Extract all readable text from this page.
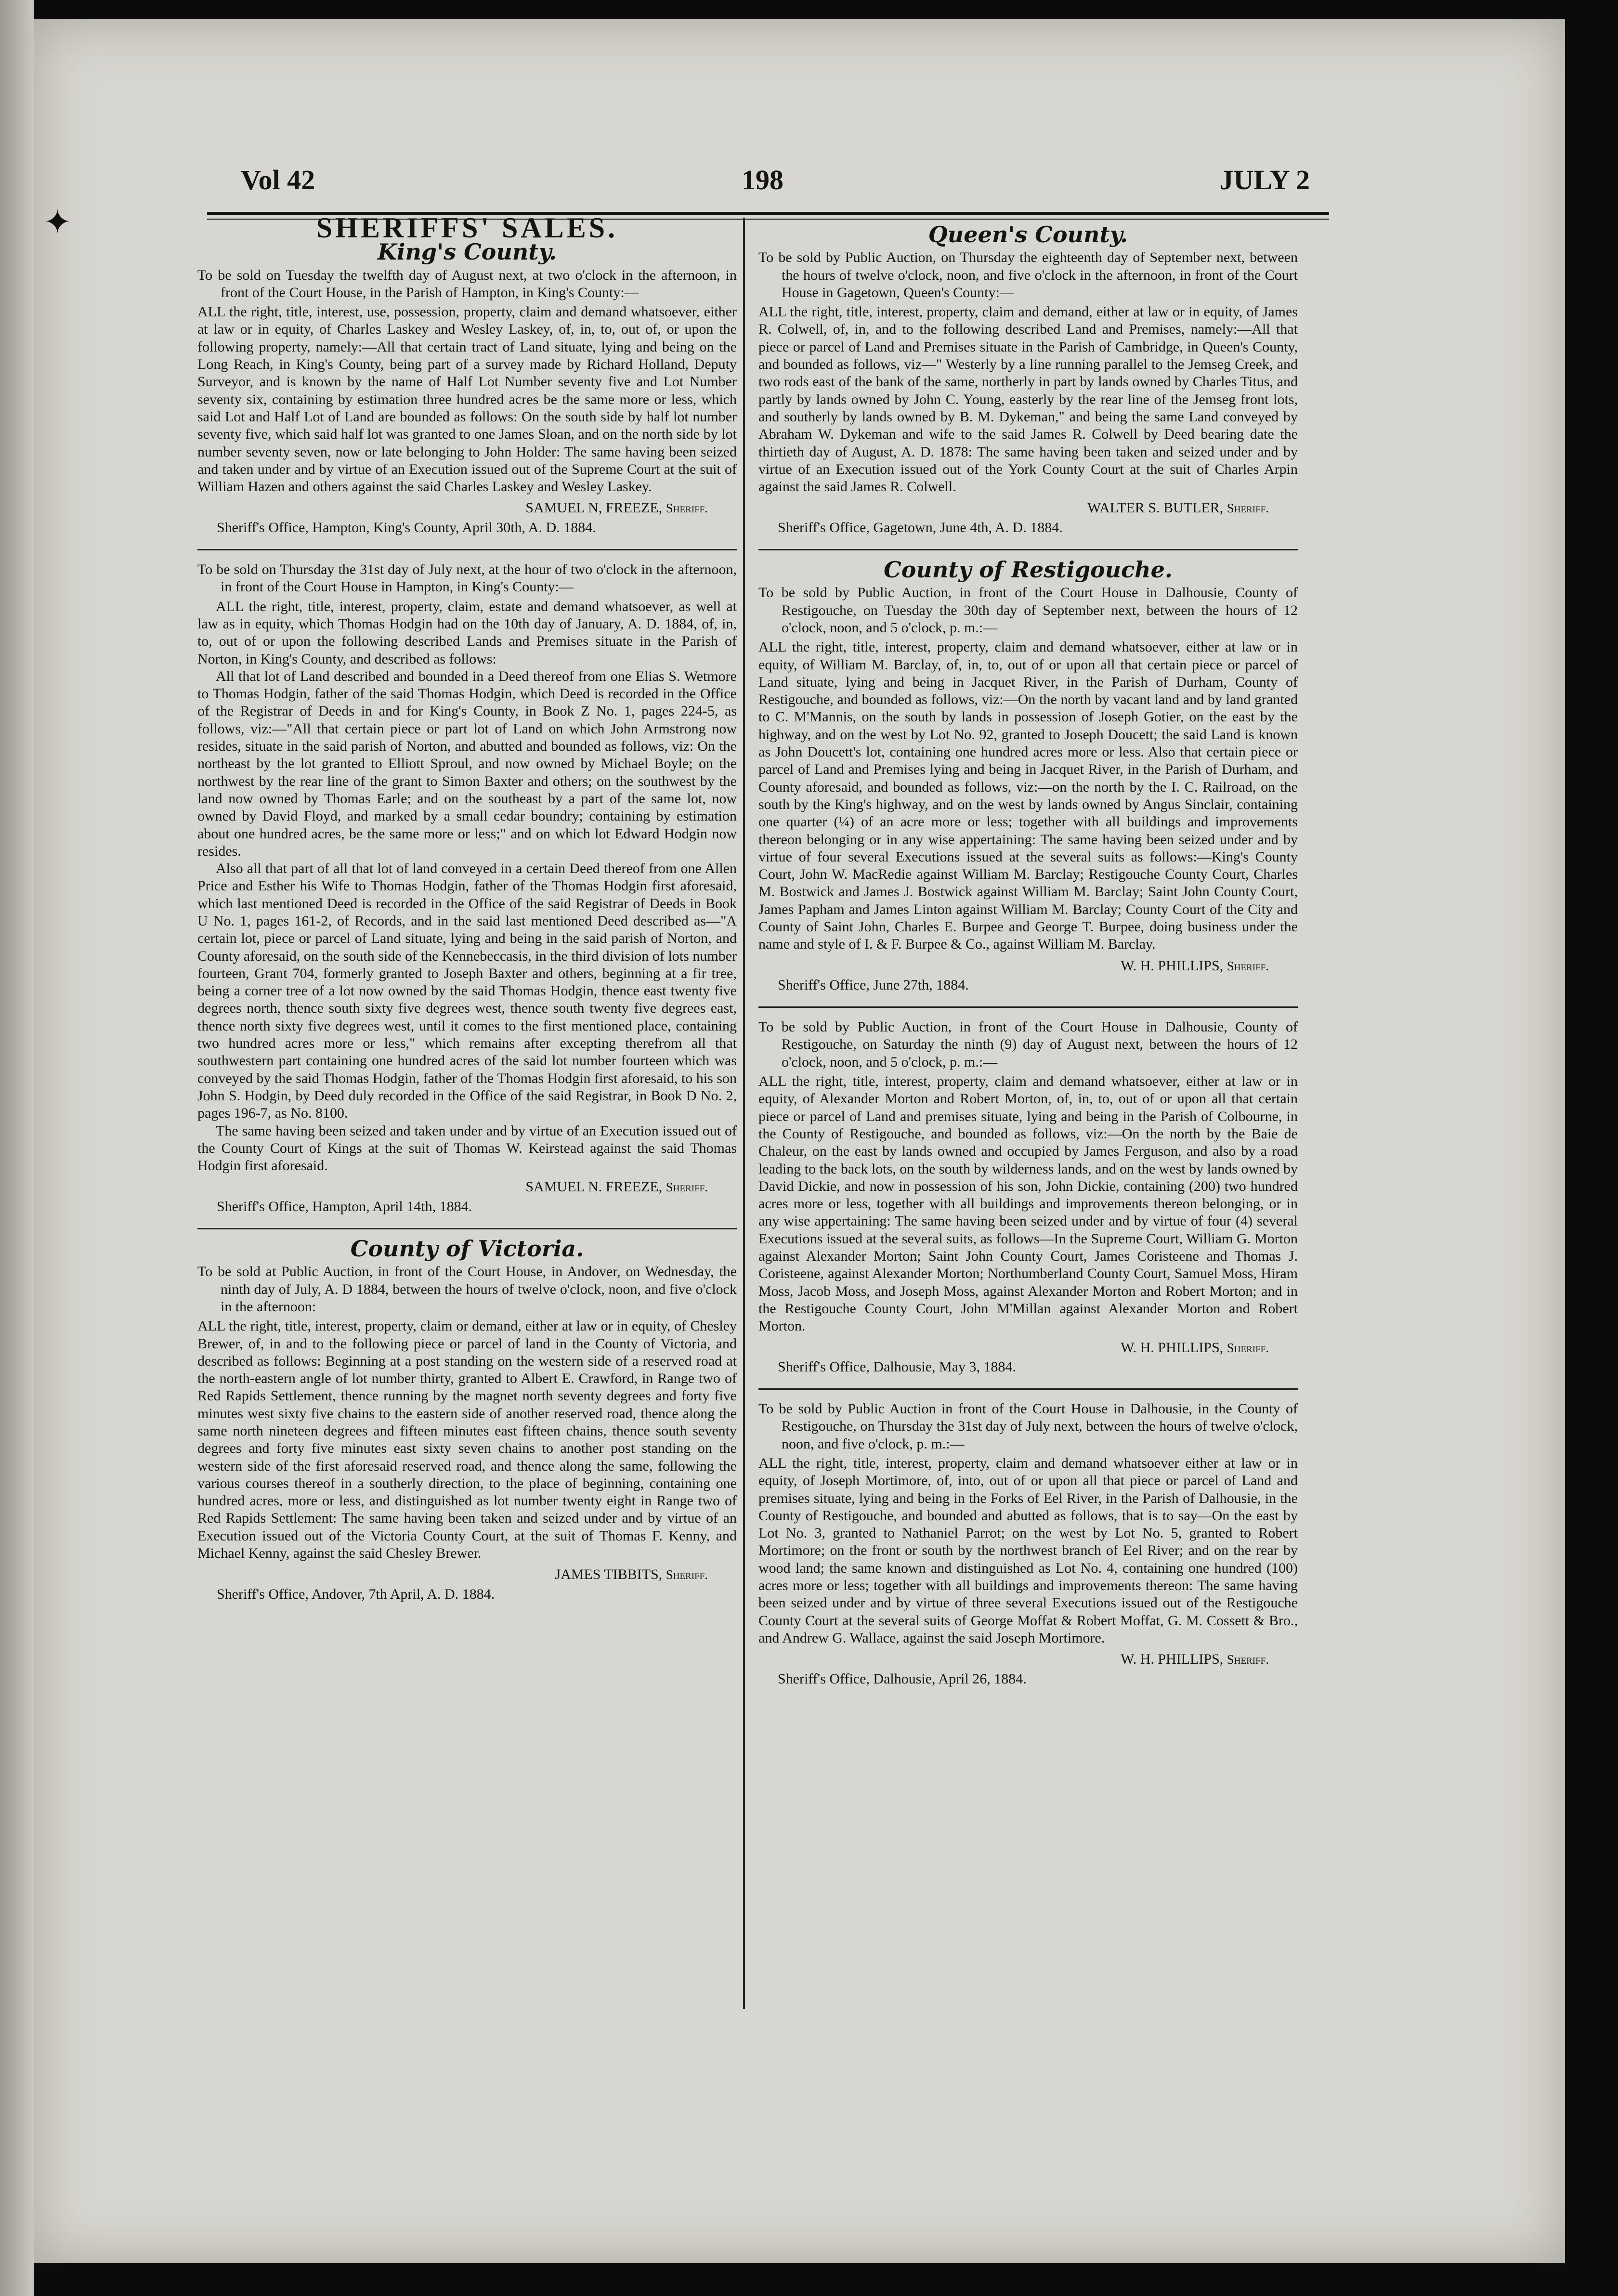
✦
Vol 42	198	JULY 2
SHERIFFS' SALES.
King's County.

To be sold on Tuesday the twelfth day of August next, at two o'clock in the afternoon, in front of the Court House, in the Parish of Hampton, in King's County:—

ALL the right, title, interest, use, possession, property, claim and demand whatsoever, either at law or in equity, of Charles Laskey and Wesley Laskey, of, in, to, out of, or upon the following property, namely:—All that certain tract of Land situate, lying and being on the Long Reach, in King's County, being part of a survey made by Richard Holland, Deputy Surveyor, and is known by the name of Half Lot Number seventy five and Lot Number seventy six, containing by estimation three hundred acres be the same more or less, which said Lot and Half Lot of Land are bounded as follows: On the south side by half lot number seventy five, which said half lot was granted to one James Sloan, and on the north side by lot number seventy seven, now or late belonging to John Holder: The same having been seized and taken under and by virtue of an Execution issued out of the Supreme Court at the suit of William Hazen and others against the said Charles Laskey and Wesley Laskey.

SAMUEL N, FREEZE, Sheriff.

Sheriff's Office, Hampton, King's County, April 30th, A. D. 1884.

To be sold on Thursday the 31st day of July next, at the hour of two o'clock in the afternoon, in front of the Court House in Hampton, in King's County:—

ALL the right, title, interest, property, claim, estate and demand whatsoever, as well at law as in equity, which Thomas Hodgin had on the 10th day of January, A. D. 1884, of, in, to, out of or upon the following described Lands and Premises situate in the Parish of Norton, in King's County, and described as follows:

All that lot of Land described and bounded in a Deed thereof from one Elias S. Wetmore to Thomas Hodgin, father of the said Thomas Hodgin, which Deed is recorded in the Office of the Registrar of Deeds in and for King's County, in Book Z No. 1, pages 224-5, as follows, viz:—"All that certain piece or part lot of Land on which John Armstrong now resides, situate in the said parish of Norton, and abutted and bounded as follows, viz: On the northeast by the lot granted to Elliott Sproul, and now owned by Michael Boyle; on the northwest by the rear line of the grant to Simon Baxter and others; on the southwest by the land now owned by Thomas Earle; and on the southeast by a part of the same lot, now owned by David Floyd, and marked by a small cedar boundry; containing by estimation about one hundred acres, be the same more or less;" and on which lot Edward Hodgin now resides.

Also all that part of all that lot of land conveyed in a certain Deed thereof from one Allen Price and Esther his Wife to Thomas Hodgin, father of the Thomas Hodgin first aforesaid, which last mentioned Deed is recorded in the Office of the said Registrar of Deeds in Book U No. 1, pages 161-2, of Records, and in the said last mentioned Deed described as—"A certain lot, piece or parcel of Land situate, lying and being in the said parish of Norton, and County aforesaid, on the south side of the Kennebeccasis, in the third division of lots number fourteen, Grant 704, formerly granted to Joseph Baxter and others, beginning at a fir tree, being a corner tree of a lot now owned by the said Thomas Hodgin, thence east twenty five degrees north, thence south sixty five degrees west, thence south twenty five degrees east, thence north sixty five degrees west, until it comes to the first mentioned place, containing two hundred acres more or less," which remains after excepting therefrom all that southwestern part containing one hundred acres of the said lot number fourteen which was conveyed by the said Thomas Hodgin, father of the Thomas Hodgin first aforesaid, to his son John S. Hodgin, by Deed duly recorded in the Office of the said Registrar, in Book D No. 2, pages 196-7, as No. 8100.

The same having been seized and taken under and by virtue of an Execution issued out of the County Court of Kings at the suit of Thomas W. Keirstead against the said Thomas Hodgin first aforesaid.

SAMUEL N. FREEZE, Sheriff.

Sheriff's Office, Hampton, April 14th, 1884.

County of Victoria.

To be sold at Public Auction, in front of the Court House, in Andover, on Wednesday, the ninth day of July, A. D 1884, between the hours of twelve o'clock, noon, and five o'clock in the afternoon:

ALL the right, title, interest, property, claim or demand, either at law or in equity, of Chesley Brewer, of, in and to the following piece or parcel of land in the County of Victoria, and described as follows: Beginning at a post standing on the western side of a reserved road at the north-eastern angle of lot number thirty, granted to Albert E. Crawford, in Range two of Red Rapids Settlement, thence running by the magnet north seventy degrees and forty five minutes west sixty five chains to the eastern side of another reserved road, thence along the same north nineteen degrees and fifteen minutes east fifteen chains, thence south seventy degrees and forty five minutes east sixty seven chains to another post standing on the western side of the first aforesaid reserved road, and thence along the same, following the various courses thereof in a southerly direction, to the place of beginning, containing one hundred acres, more or less, and distinguished as lot number twenty eight in Range two of Red Rapids Settlement: The same having been taken and seized under and by virtue of an Execution issued out of the Victoria County Court, at the suit of Thomas F. Kenny, and Michael Kenny, against the said Chesley Brewer.

JAMES TIBBITS, Sheriff.

Sheriff's Office, Andover, 7th April, A. D. 1884.

Queen's County.

To be sold by Public Auction, on Thursday the eighteenth day of September next, between the hours of twelve o'clock, noon, and five o'clock in the afternoon, in front of the Court House in Gagetown, Queen's County:—

ALL the right, title, interest, property, claim and demand, either at law or in equity, of James R. Colwell, of, in, and to the following described Land and Premises, namely:—All that piece or parcel of Land and Premises situate in the Parish of Cambridge, in Queen's County, and bounded as follows, viz—" Westerly by a line running parallel to the Jemseg Creek, and two rods east of the bank of the same, northerly in part by lands owned by Charles Titus, and partly by lands owned by John C. Young, easterly by the rear line of the Jemseg front lots, and southerly by lands owned by B. M. Dykeman," and being the same Land conveyed by Abraham W. Dykeman and wife to the said James R. Colwell by Deed bearing date the thirtieth day of August, A. D. 1878: The same having been taken and seized under and by virtue of an Execution issued out of the York County Court at the suit of Charles Arpin against the said James R. Colwell.

WALTER S. BUTLER, Sheriff.

Sheriff's Office, Gagetown, June 4th, A. D. 1884.

County of Restigouche.

To be sold by Public Auction, in front of the Court House in Dalhousie, County of Restigouche, on Tuesday the 30th day of September next, between the hours of 12 o'clock, noon, and 5 o'clock, p. m.:—

ALL the right, title, interest, property, claim and demand whatsoever, either at law or in equity, of William M. Barclay, of, in, to, out of or upon all that certain piece or parcel of Land situate, lying and being in Jacquet River, in the Parish of Durham, County of Restigouche, and bounded as follows, viz:—On the north by vacant land and by land granted to C. M'Mannis, on the south by lands in possession of Joseph Gotier, on the east by the highway, and on the west by Lot No. 92, granted to Joseph Doucett; the said Land is known as John Doucett's lot, containing one hundred acres more or less. Also that certain piece or parcel of Land and Premises lying and being in Jacquet River, in the Parish of Durham, and County aforesaid, and bounded as follows, viz:—on the north by the I. C. Railroad, on the south by the King's highway, and on the west by lands owned by Angus Sinclair, containing one quarter (¼) of an acre more or less; together with all buildings and improvements thereon belonging or in any wise appertaining: The same having been seized under and by virtue of four several Executions issued at the several suits as follows:—King's County Court, John W. MacRedie against William M. Barclay; Restigouche County Court, Charles M. Bostwick and James J. Bostwick against William M. Barclay; Saint John County Court, James Papham and James Linton against William M. Barclay; County Court of the City and County of Saint John, Charles E. Burpee and George T. Burpee, doing business under the name and style of I. & F. Burpee & Co., against William M. Barclay.

W. H. PHILLIPS, Sheriff.

Sheriff's Office, June 27th, 1884.

To be sold by Public Auction, in front of the Court House in Dalhousie, County of Restigouche, on Saturday the ninth (9) day of August next, between the hours of 12 o'clock, noon, and 5 o'clock, p. m.:—

ALL the right, title, interest, property, claim and demand whatsoever, either at law or in equity, of Alexander Morton and Robert Morton, of, in, to, out of or upon all that certain piece or parcel of Land and premises situate, lying and being in the Parish of Colbourne, in the County of Restigouche, and bounded as follows, viz:—On the north by the Baie de Chaleur, on the east by lands owned and occupied by James Ferguson, and also by a road leading to the back lots, on the south by wilderness lands, and on the west by lands owned by David Dickie, and now in possession of his son, John Dickie, containing (200) two hundred acres more or less, together with all buildings and improvements thereon belonging, or in any wise appertaining: The same having been seized under and by virtue of four (4) several Executions issued at the several suits, as follows—In the Supreme Court, William G. Morton against Alexander Morton; Saint John County Court, James Coristeene and Thomas J. Coristeene, against Alexander Morton; Northumberland County Court, Samuel Moss, Hiram Moss, Jacob Moss, and Joseph Moss, against Alexander Morton and Robert Morton; and in the Restigouche County Court, John M'Millan against Alexander Morton and Robert Morton.

W. H. PHILLIPS, Sheriff.

Sheriff's Office, Dalhousie, May 3, 1884.

To be sold by Public Auction in front of the Court House in Dalhousie, in the County of Restigouche, on Thursday the 31st day of July next, between the hours of twelve o'clock, noon, and five o'clock, p. m.:—

ALL the right, title, interest, property, claim and demand whatsoever either at law or in equity, of Joseph Mortimore, of, into, out of or upon all that piece or parcel of Land and premises situate, lying and being in the Forks of Eel River, in the Parish of Dalhousie, in the County of Restigouche, and bounded and abutted as follows, that is to say—On the east by Lot No. 3, granted to Nathaniel Parrot; on the west by Lot No. 5, granted to Robert Mortimore; on the front or south by the northwest branch of Eel River; and on the rear by wood land; the same known and distinguished as Lot No. 4, containing one hundred (100) acres more or less; together with all buildings and improvements thereon: The same having been seized under and by virtue of three several Executions issued out of the Restigouche County Court at the several suits of George Moffat & Robert Moffat, G. M. Cossett & Bro., and Andrew G. Wallace, against the said Joseph Mortimore.

W. H. PHILLIPS, Sheriff.

Sheriff's Office, Dalhousie, April 26, 1884.
